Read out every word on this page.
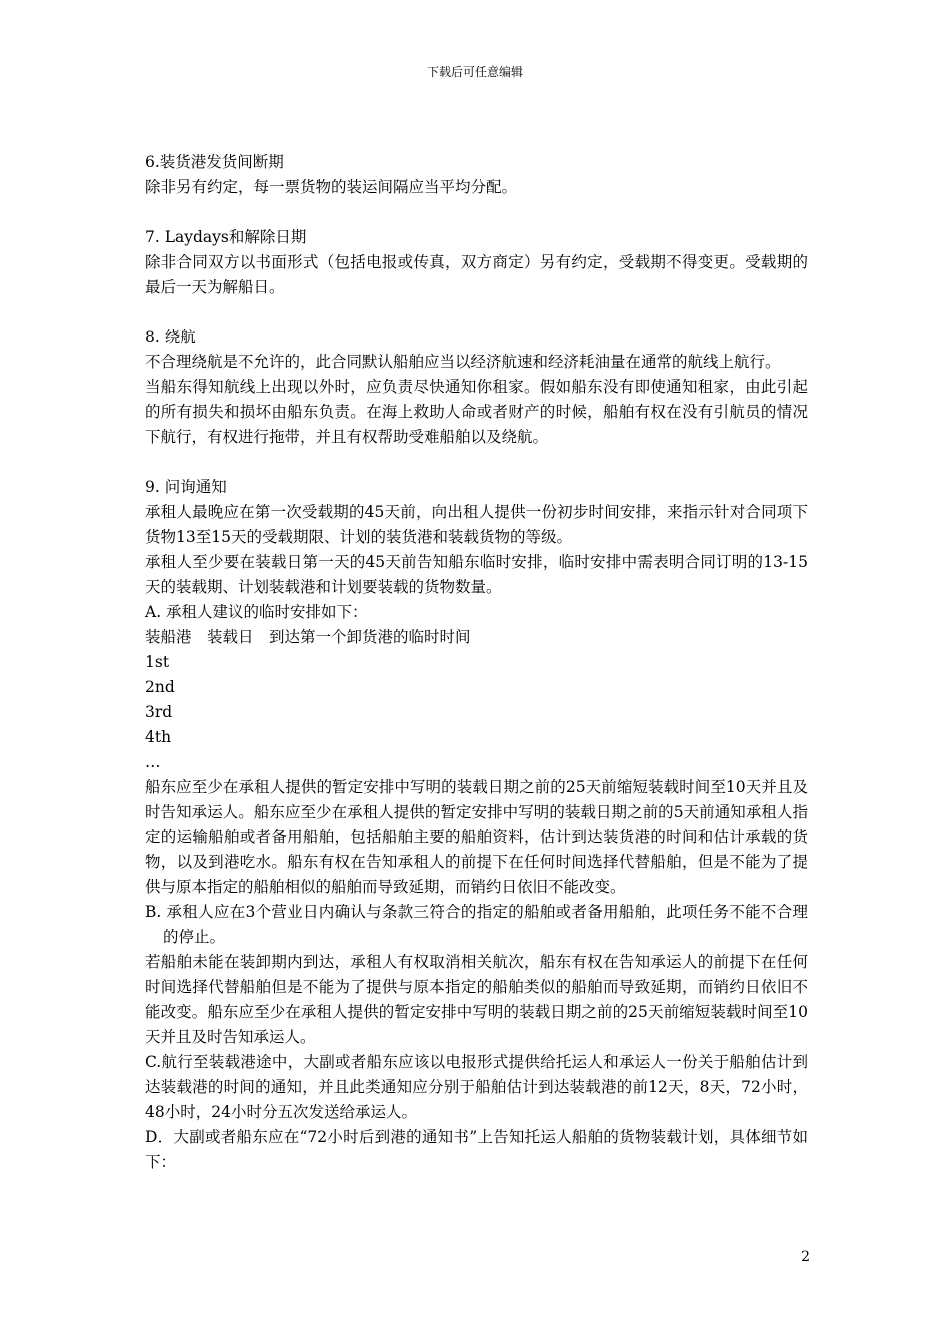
下载后可任意编辑

6.装货港发货间断期

除非另有约定，每一票货物的装运间隔应当平均分配。

7. Laydays和解除日期

除非合同双方以书面形式（包括电报或传真，双方商定）另有约定，受载期不得变更。受载期的最后一天为解船日。

8. 绕航

不合理绕航是不允许的，此合同默认船舶应当以经济航速和经济耗油量在通常的航线上航行。

当船东得知航线上出现以外时，应负责尽快通知你租家。假如船东没有即使通知租家，由此引起的所有损失和损坏由船东负责。在海上救助人命或者财产的时候，船舶有权在没有引航员的情况下航行，有权进行拖带，并且有权帮助受难船舶以及绕航。

9. 问询通知

承租人最晚应在第一次受载期的45天前，向出租人提供一份初步时间安排，来指示针对合同项下货物13至15天的受载期限、计划的装货港和装载货物的等级。

承租人至少要在装载日第一天的45天前告知船东临时安排，临时安排中需表明合同订明的13-15天的装载期、计划装载港和计划要装载的货物数量。

A. 承租人建议的临时安排如下：

装船港　装载日　到达第一个卸货港的临时时间

1st

2nd

3rd

4th

…

船东应至少在承租人提供的暂定安排中写明的装载日期之前的25天前缩短装载时间至10天并且及时告知承运人。船东应至少在承租人提供的暂定安排中写明的装载日期之前的5天前通知承租人指定的运输船舶或者备用船舶，包括船舶主要的船舶资料，估计到达装货港的时间和估计承载的货物，以及到港吃水。船东有权在告知承租人的前提下在任何时间选择代替船舶，但是不能为了提供与原本指定的船舶相似的船舶而导致延期，而销约日依旧不能改变。

B. 承租人应在3个营业日内确认与条款三符合的指定的船舶或者备用船舶，此项任务不能不合理的停止。

若船舶未能在装卸期内到达，承租人有权取消相关航次，船东有权在告知承运人的前提下在任何时间选择代替船舶但是不能为了提供与原本指定的船舶类似的船舶而导致延期，而销约日依旧不能改变。船东应至少在承租人提供的暂定安排中写明的装载日期之前的25天前缩短装载时间至10天并且及时告知承运人。

C.航行至装载港途中，大副或者船东应该以电报形式提供给托运人和承运人一份关于船舶估计到达装载港的时间的通知，并且此类通知应分别于船舶估计到达装载港的前12天，8天，72小时，48小时，24小时分五次发送给承运人。

D．大副或者船东应在“72小时后到港的通知书”上告知托运人船舶的货物装载计划，具体细节如下：

2
